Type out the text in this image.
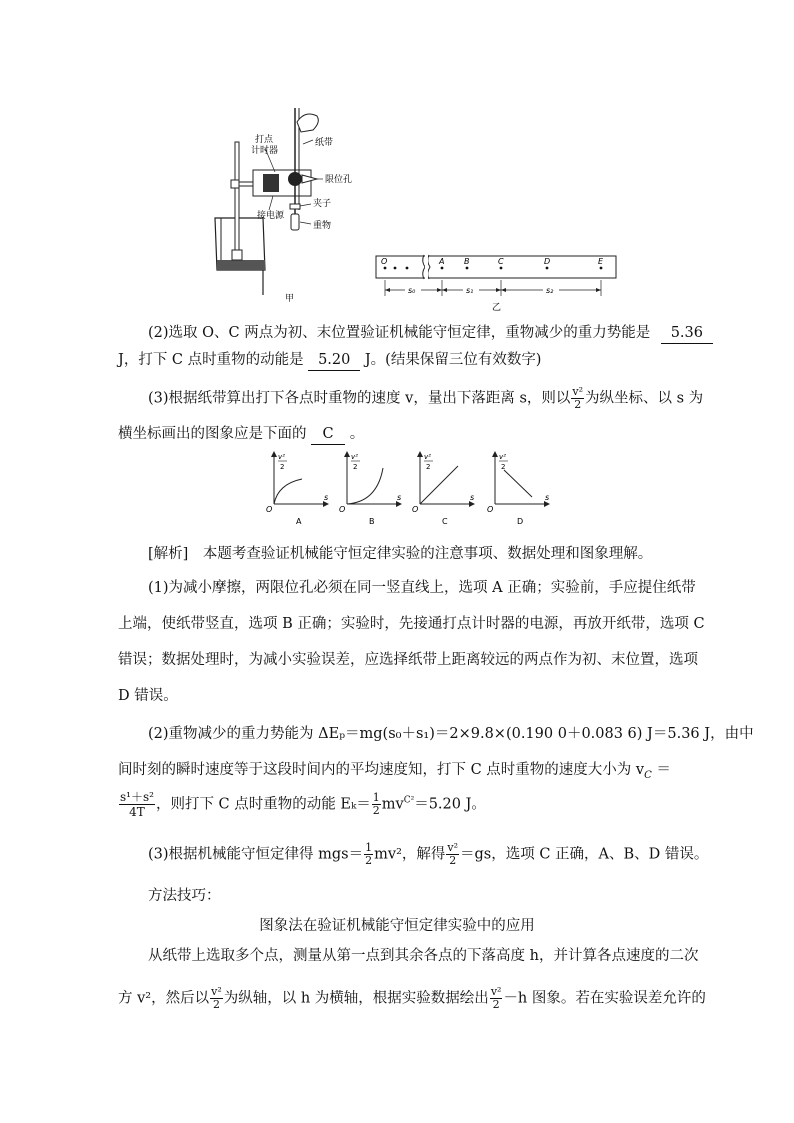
打点
计时器
纸带
限位孔
夹子
接电源
重物
甲
O	A B	C	D	E
s₀	s₁	s₂
乙
(2)选取 O、C 两点为初、末位置验证机械能守恒定律，重物减少的重力势能是 5.36
J，打下 C 点时重物的动能是 5.20 J。(结果保留三位有效数字)
(3)根据纸带算出打下各点时重物的速度 v，量出下落距离 s，则以 $\frac{\text{v²}}{2}$ 为纵坐标、以 s 为
横坐标画出的图象应是下面的 C 。
v²
2
O
s
A
v²
2
O
s
B
v²
2
O
s
C
v²
2
O
s
D
[解析]　本题考查验证机械能守恒定律实验的注意事项、数据处理和图象理解。
(1)为减小摩擦，两限位孔必须在同一竖直线上，选项 A 正确；实验前，手应提住纸带
上端，使纸带竖直，选项 B 正确；实验时，先接通打点计时器的电源，再放开纸带，选项 C
错误；数据处理时，为减小实验误差，应选择纸带上距离较远的两点作为初、末位置，选项
D 错误。
(2)重物减少的重力势能为 ΔEₚ＝mg(s₀＋s₁)＝2×9.8×(0.190 0＋0.083 6) J＝5.36 J，由中
间时刻的瞬时速度等于这段时间内的平均速度知，打下 C 点时重物的速度大小为 $v_C$ ＝
$\frac{\text{s¹＋s²}}{4T}$ ，则打下 C 点时重物的动能 $E_k= \frac{1}{2} mv^{C^2}=5.20$ J。
(3)根据机械能守恒定律得 $mgs= \frac{1}{2} mv^2$，解得 $\frac{\text{v²}}{2} =gs$，选项 C 正确，A、B、D 错误。
方法技巧：
图象法在验证机械能守恒定律实验中的应用
从纸带上选取多个点，测量从第一点到其余各点的下落高度 h，并计算各点速度的二次
方 v²，然后以 $\frac{\text{v²}}{2}$ 为纵轴，以 h 为横轴，根据实验数据绘出 $\frac{\text{v²}}{2} -h$ 图象。若在实验误差允许的
